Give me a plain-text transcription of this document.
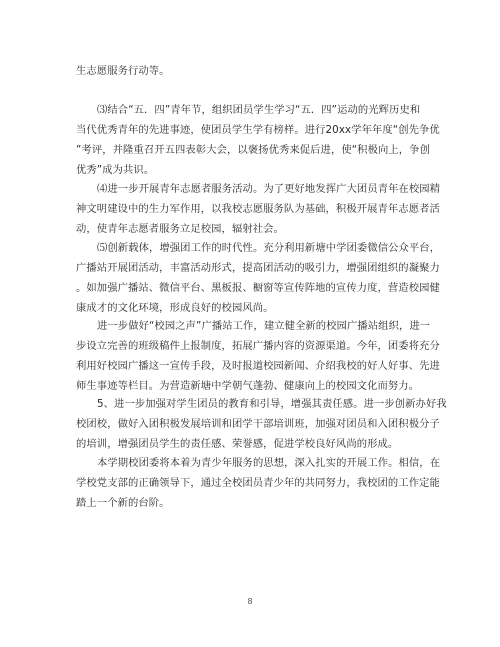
生志愿服务行动等。

⑶结合“五．四”青年节，组织团员学生学习“五．四”运动的光辉历史和
当代优秀青年的先进事迹，使团员学生学有榜样。进行20xx学年年度“创先争优
”考评，并隆重召开五四表彰大会，以褒扬优秀来促后进，使“积极向上，争创
优秀”成为共识。

⑷进一步开展青年志愿者服务活动。为了更好地发挥广大团员青年在校园精
神文明建设中的生力军作用，以我校志愿服务队为基础，积极开展青年志愿者活
动，使青年志愿者服务立足校园，辐射社会。

⑸创新载体，增强团工作的时代性。充分利用新塘中学团委微信公众平台，
广播站开展团活动，丰富活动形式，提高团活动的吸引力，增强团组织的凝聚力
。如加强广播站、微信平台、黑板报、橱窗等宣传阵地的宣传力度，营造校园健
康成才的文化环境，形成良好的校园风尚。

进一步做好“校园之声”广播站工作，建立健全新的校园广播站组织，进一
步设立完善的班级稿件上报制度，拓展广播内容的资源渠道。今年，团委将充分
利用好校园广播这一宣传手段，及时报道校园新闻、介绍我校的好人好事、先进
师生事迹等栏目。为营造新塘中学朝气蓬勃、健康向上的校园文化而努力。

5、进一步加强对学生团员的教育和引导，增强其责任感。进一步创新办好我
校团校，做好入团积极发展培训和团学干部培训班，加强对团员和入团积极分子
的培训，增强团员学生的责任感、荣誉感，促进学校良好风尚的形成。

本学期校团委将本着为青少年服务的思想，深入扎实的开展工作。相信，在
学校党支部的正确领导下，通过全校团员青少年的共同努力，我校团的工作定能
踏上一个新的台阶。

8
